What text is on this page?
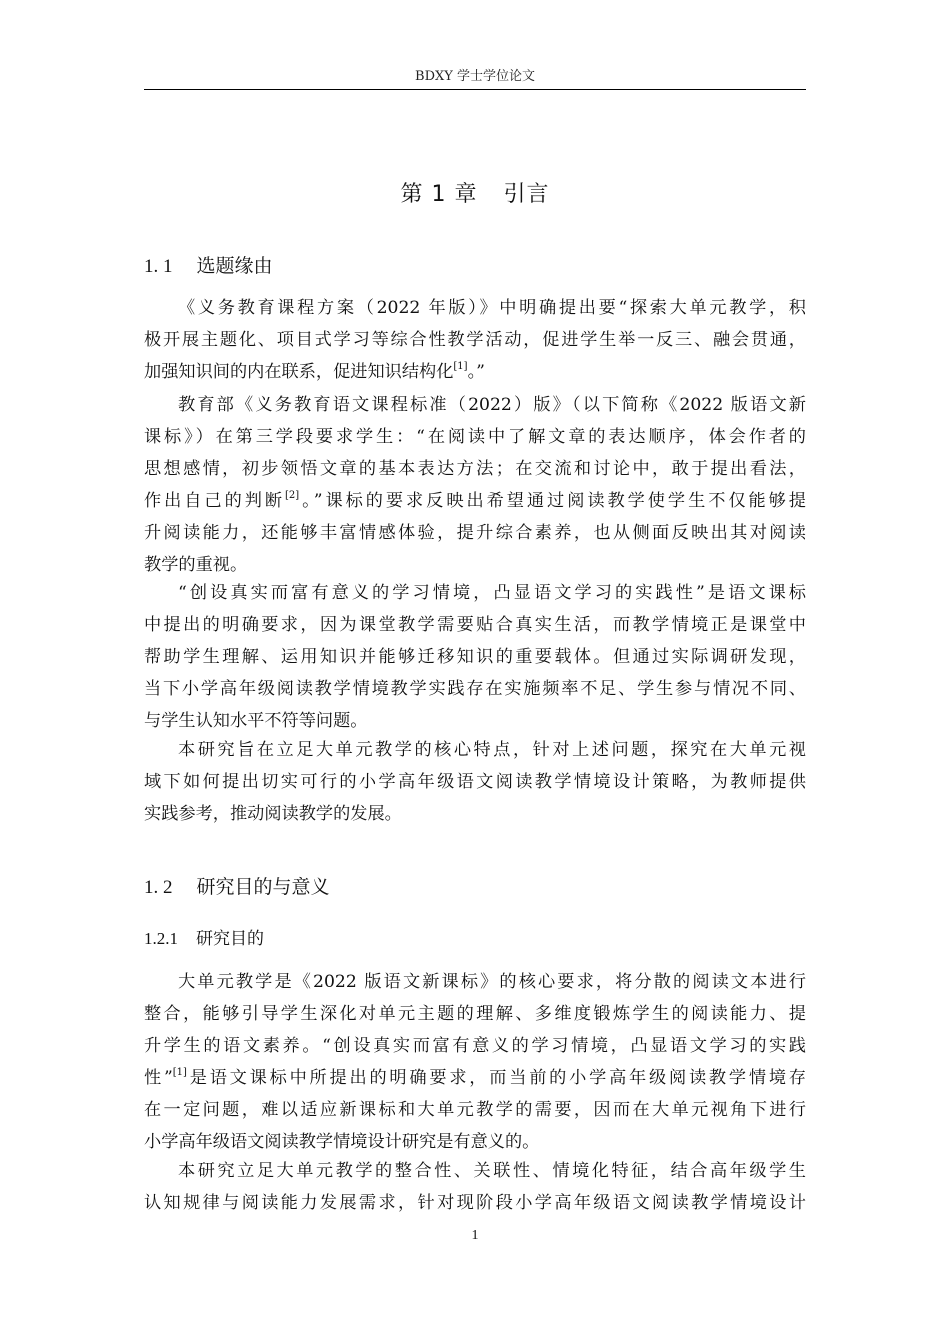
BDXY 学士学位论文
第 1 章 引言
1. 1 选题缘由
《义务教育课程方案（2022 年版）》中明确提出要“探索大单元教学，积
极开展主题化、项目式学习等综合性教学活动，促进学生举一反三、融会贯通，
加强知识间的内在联系，促进知识结构化[1]。”
教育部《义务教育语文课程标准（2022）版》（以下简称《2022 版语文新
课标》）在第三学段要求学生：“在阅读中了解文章的表达顺序，体会作者的
思想感情，初步领悟文章的基本表达方法；在交流和讨论中，敢于提出看法，
作出自己的判断[2]。”课标的要求反映出希望通过阅读教学使学生不仅能够提
升阅读能力，还能够丰富情感体验，提升综合素养，也从侧面反映出其对阅读
教学的重视。
“创设真实而富有意义的学习情境，凸显语文学习的实践性”是语文课标
中提出的明确要求，因为课堂教学需要贴合真实生活，而教学情境正是课堂中
帮助学生理解、运用知识并能够迁移知识的重要载体。但通过实际调研发现，
当下小学高年级阅读教学情境教学实践存在实施频率不足、学生参与情况不同、
与学生认知水平不符等问题。
本研究旨在立足大单元教学的核心特点，针对上述问题，探究在大单元视
域下如何提出切实可行的小学高年级语文阅读教学情境设计策略，为教师提供
实践参考，推动阅读教学的发展。
1. 2 研究目的与意义
1.2.1 研究目的
大单元教学是《2022 版语文新课标》的核心要求，将分散的阅读文本进行
整合，能够引导学生深化对单元主题的理解、多维度锻炼学生的阅读能力、提
升学生的语文素养。“创设真实而富有意义的学习情境，凸显语文学习的实践
性”[1]是语文课标中所提出的明确要求，而当前的小学高年级阅读教学情境存
在一定问题，难以适应新课标和大单元教学的需要，因而在大单元视角下进行
小学高年级语文阅读教学情境设计研究是有意义的。
本研究立足大单元教学的整合性、关联性、情境化特征，结合高年级学生
认知规律与阅读能力发展需求，针对现阶段小学高年级语文阅读教学情境设计
1
